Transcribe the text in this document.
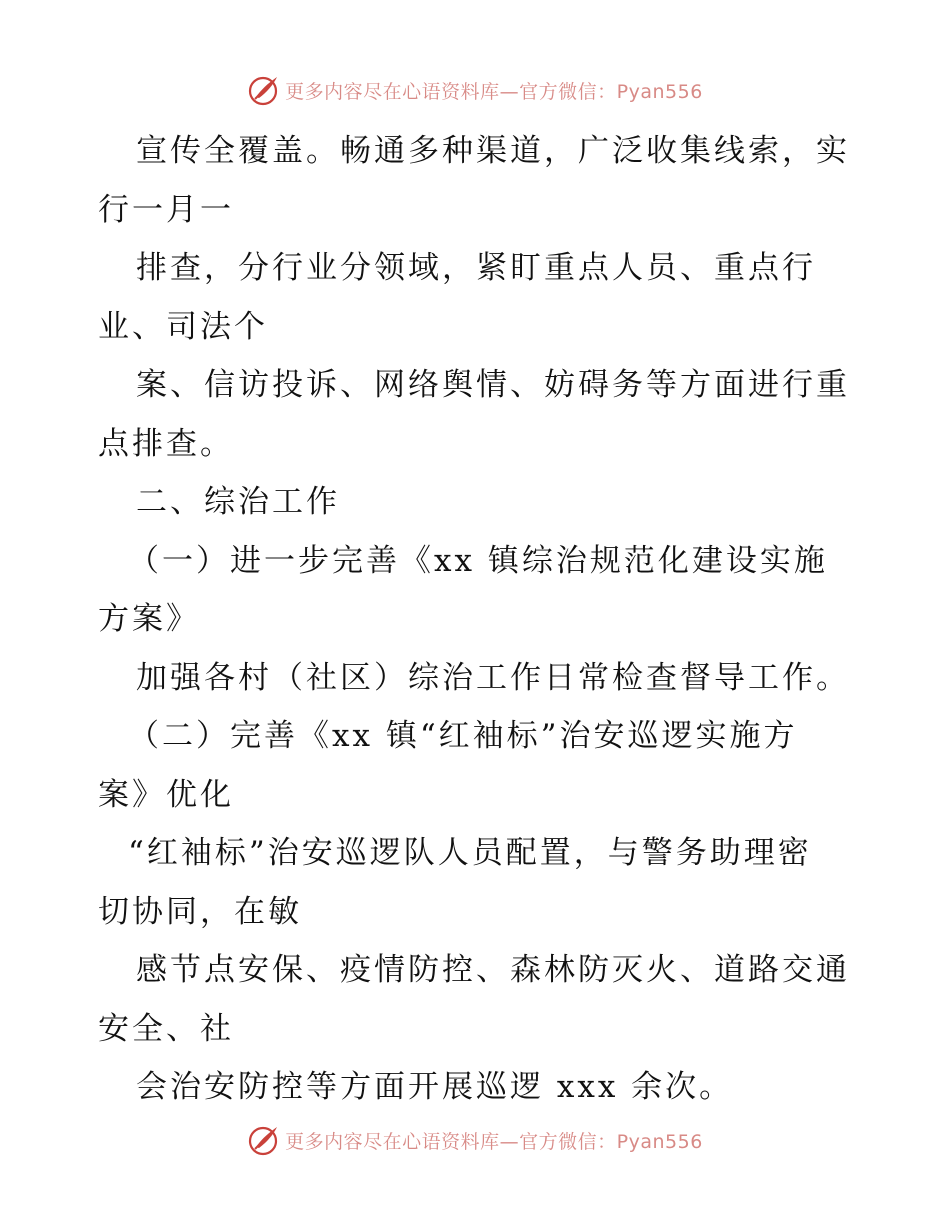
更多内容尽在心语资料库—官方微信：Pyan556
宣传全覆盖。畅通多种渠道，广泛收集线索，实
行一月一
排查，分行业分领域，紧盯重点人员、重点行
业、司法个
案、信访投诉、网络舆情、妨碍务等方面进行重
点排查。
二、综治工作
（一）进一步完善《xx 镇综治规范化建设实施
方案》
加强各村（社区）综治工作日常检查督导工作。
（二）完善《xx 镇“红袖标”治安巡逻实施方
案》优化
“红袖标”治安巡逻队人员配置，与警务助理密
切协同，在敏
感节点安保、疫情防控、森林防灭火、道路交通
安全、社
会治安防控等方面开展巡逻 xxx 余次。
更多内容尽在心语资料库—官方微信：Pyan556
